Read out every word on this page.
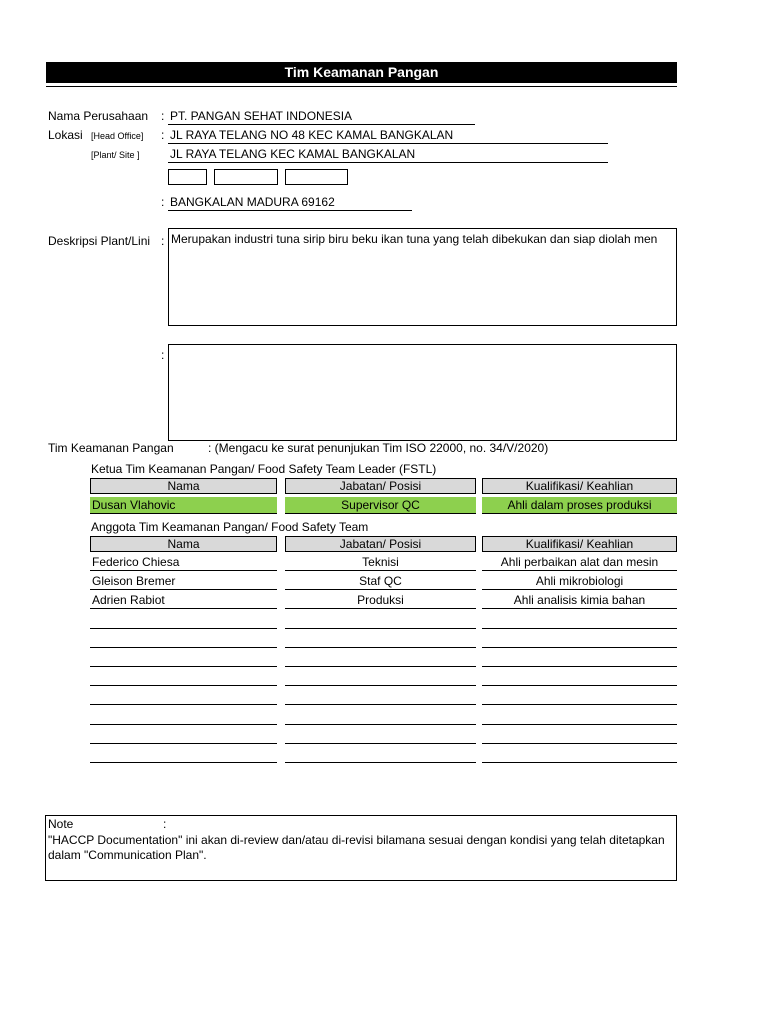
Tim Keamanan Pangan
Nama Perusahaan : PT. PANGAN SEHAT INDONESIA
Lokasi [Head Office] : JL RAYA TELANG NO 48 KEC KAMAL BANGKALAN
[Plant/ Site ]	JL RAYA TELANG KEC KAMAL BANGKALAN
: BANGKALAN MADURA 69162
Deskripsi Plant/Lini : Merupakan industri tuna sirip biru beku ikan tuna yang telah dibekukan dan siap diolah men
:
Tim Keamanan Pangan	: (Mengacu ke surat penunjukan Tim ISO 22000, no. 34/V/2020)
Ketua Tim Keamanan Pangan/ Food Safety Team Leader (FSTL)
Nama	Jabatan/ Posisi	Kualifikasi/ Keahlian
Dusan Vlahovic	Supervisor QC	Ahli dalam proses produksi
Anggota Tim Keamanan Pangan/ Food Safety Team
Nama	Jabatan/ Posisi	Kualifikasi/ Keahlian
Federico Chiesa	Teknisi	Ahli perbaikan alat dan mesin
Gleison Bremer	Staf QC	Ahli mikrobiologi
Adrien Rabiot	Produksi	Ahli analisis kimia bahan
Note	:
"HACCP Documentation" ini akan di-review dan/atau di-revisi bilamana sesuai dengan kondisi yang telah ditetapkan dalam "Communication Plan".
